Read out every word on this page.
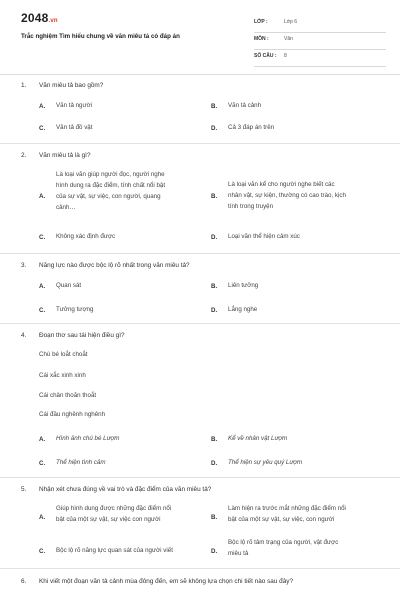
2048.vn
Trắc nghiệm Tìm hiểu chung về văn miêu tả có đáp án
LỚP :	Lớp 6
MÔN :	Văn
SỐ CÂU : 8
1. Văn miêu tả bao gồm?
A. Văn tả người	B. Văn tả cảnh
C. Văn tả đồ vật	D. Cả 3 đáp án trên
2. Văn miêu tả là gì?
A.
Là loại văn giúp người đọc, người nghe
hình dung ra đặc điểm, tính chất nổi bật
của sự vật, sự việc, con người, quang
cảnh…
B.
Là loại văn kể cho người nghe biết các
nhân vật, sự kiện, thường có cao trào, kịch
tính trong truyện
C. Không xác định được	D. Loại văn thể hiện cảm xúc
3. Năng lực nào được bộc lộ rõ nhất trong văn miêu tả?
A. Quan sát	B. Liên tưởng
C. Tưởng tượng	D. Lắng nghe
4. Đoạn thơ sau tái hiện điều gì?
Chú bé loắt choắt
Cái xắc xinh xinh
Cái chân thoăn thoắt
Cái đầu nghênh nghênh
A. Hình ảnh chú bé Lượm	B. Kể về nhân vật Lượm
C. Thể hiện tình cảm	D. Thể hiện sự yêu quý Lượm
5. Nhận xét chưa đúng về vai trò và đặc điểm của văn miêu tả?
A.
Giúp hình dung được những đặc điểm nổi
bật của một sự vật, sự việc con người	B.
Làm hiện ra trước mắt những đặc điểm nổi
bật của một sự vật, sự việc, con người
C. Bộc lộ rõ năng lực quan sát của người viết	D.
Bộc lộ rõ tâm trạng của người, vật được
miêu tả
6. Khi viết một đoạn văn tả cảnh mùa đông đến, em sẽ không lựa chọn chi tiết nào sau đây?
